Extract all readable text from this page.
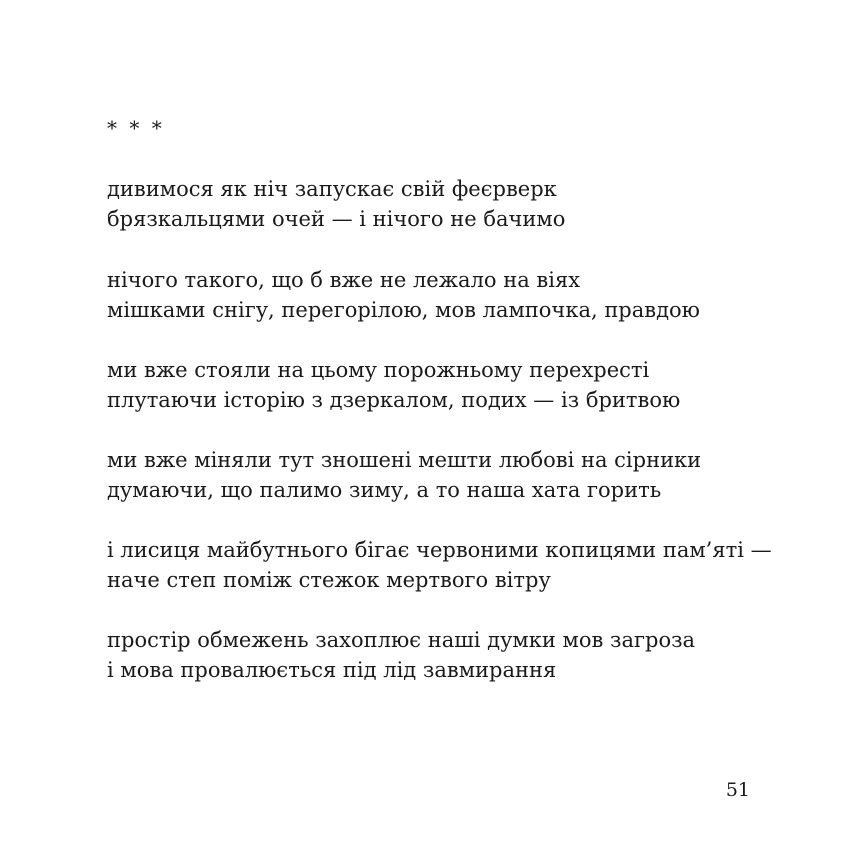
* * *
дивимося як ніч запускає свій феєрверк
брязкальцями очей — і нічого не бачимо
нічого такого, що б вже не лежало на віях
мішками снігу, перегорілою, мов лампочка, правдою
ми вже стояли на цьому порожньому перехресті
плутаючи історію з дзеркалом, подих — із бритвою
ми вже міняли тут зношені мешти любові на сірники
думаючи, що палимо зиму, а то наша хата горить
і лисиця майбутнього бігає червоними копицями пам’яті —
наче степ поміж стежок мертвого вітру
простір обмежень захоплює наші думки мов загроза
і мова провалюється під лід завмирання
51
